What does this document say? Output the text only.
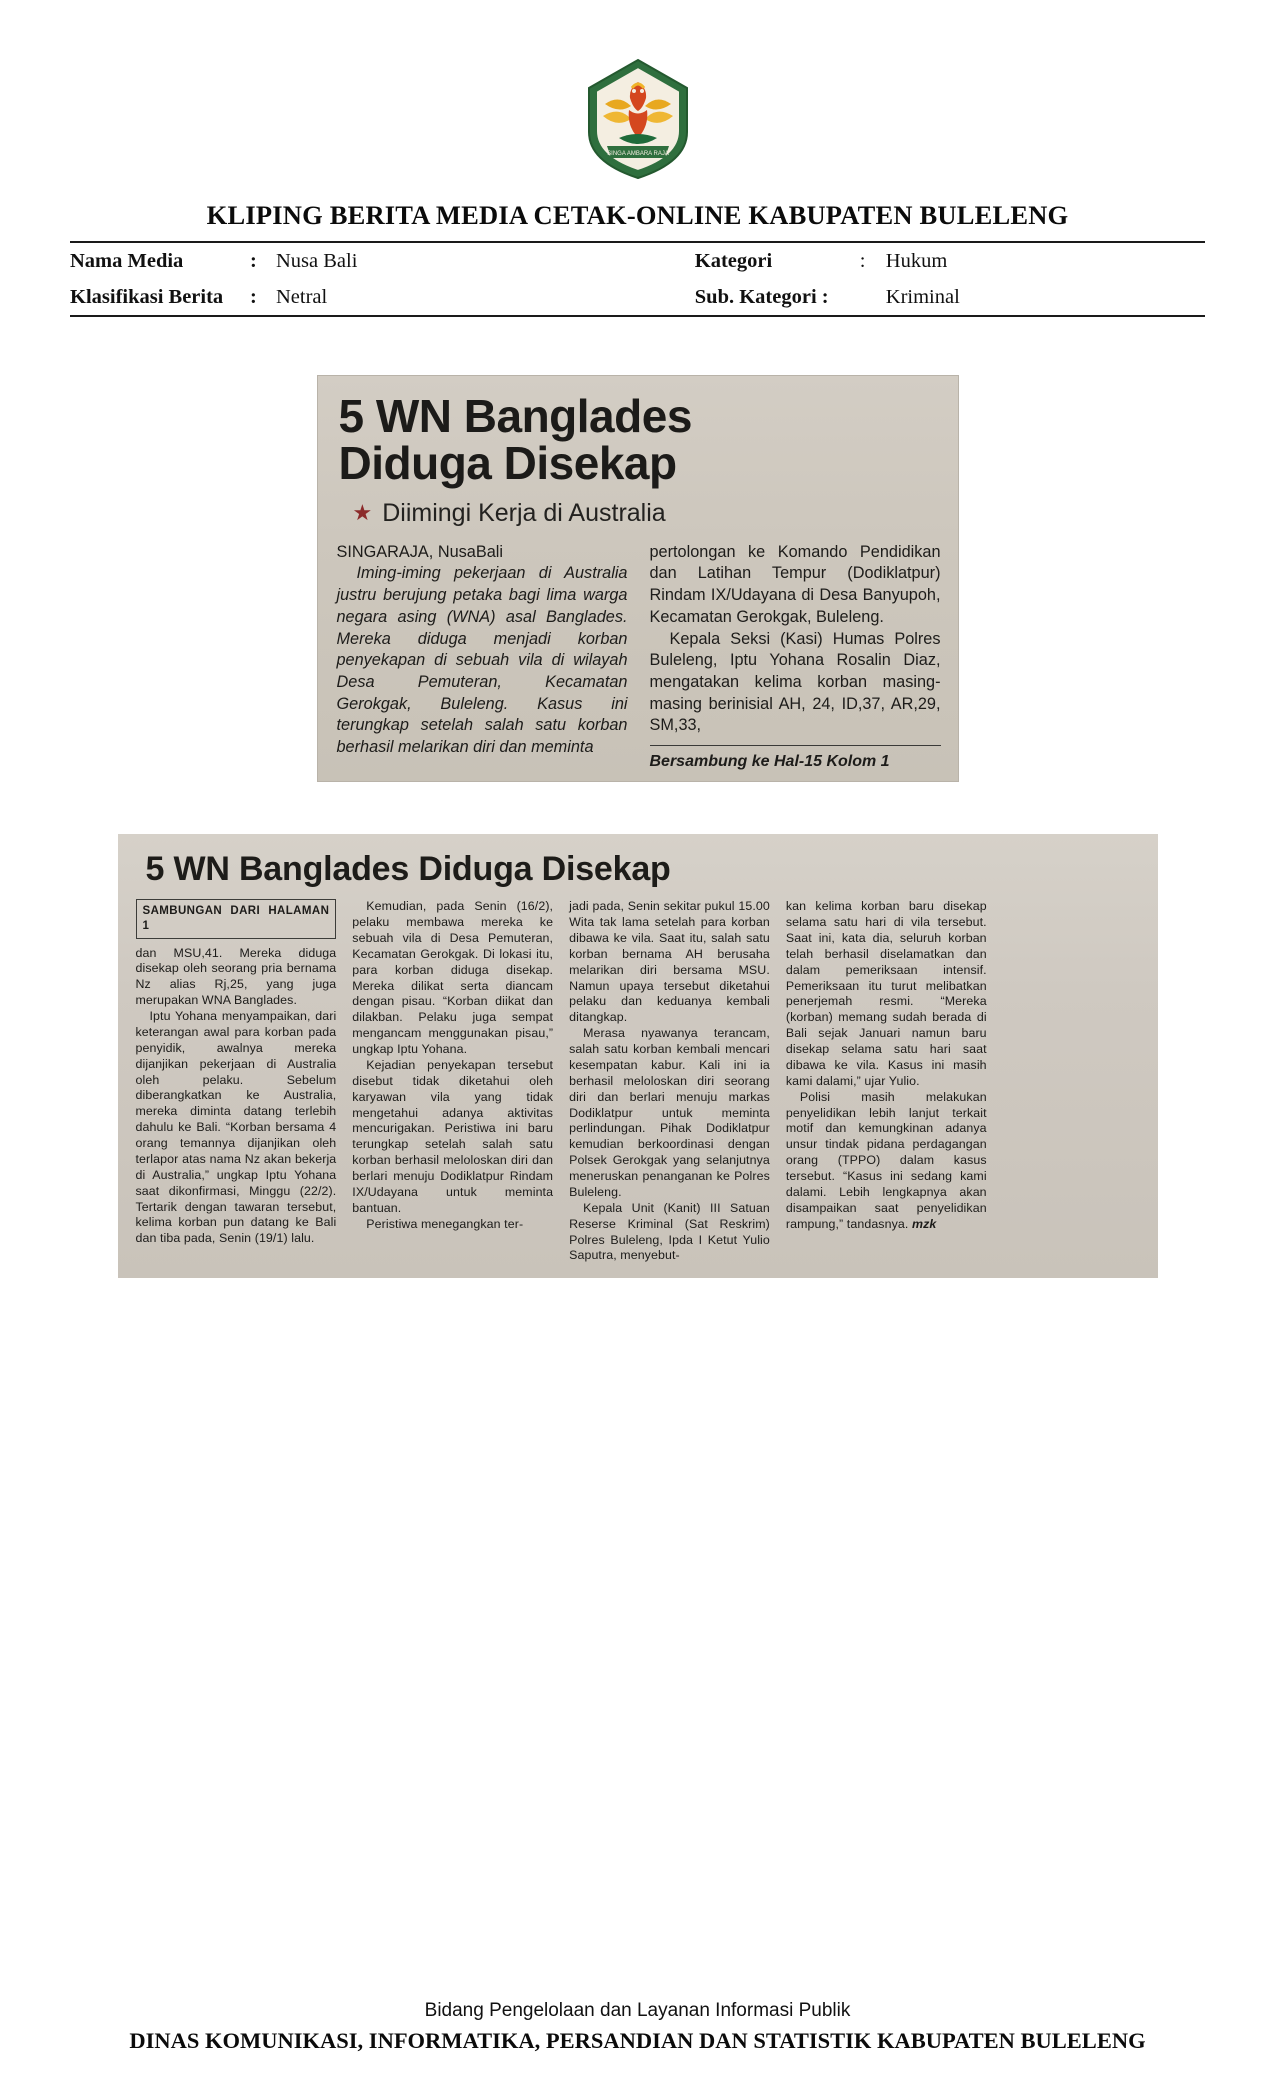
SINGA AMBARA RAJA
KLIPING BERITA MEDIA CETAK-ONLINE KABUPATEN BULELENG
Nama Media	:	Nusa Bali	Kategori	:	Hukum
Klasifikasi Berita	:	Netral	Sub. Kategori :		Kriminal
5 WN Banglades
Diduga Disekap
★ Diimingi Kerja di Australia

SINGARAJA, NusaBali

Iming-iming pekerjaan di Australia justru berujung petaka bagi lima warga negara asing (WNA) asal Banglades. Mereka diduga menjadi korban penyekapan di sebuah vila di wilayah Desa Pemuteran, Kecamatan Gerokgak, Buleleng. Kasus ini terungkap setelah salah satu korban berhasil melarikan diri dan meminta

pertolongan ke Komando Pendidikan dan Latihan Tempur (Dodiklatpur) Rindam IX/Udayana di Desa Banyupoh, Kecamatan Gerokgak, Buleleng.

Kepala Seksi (Kasi) Humas Polres Buleleng, Iptu Yohana Rosalin Diaz, mengatakan kelima korban masing-masing berinisial AH, 24, ID,37, AR,29, SM,33,

Bersambung ke Hal-15 Kolom 1
5 WN Banglades Diduga Disekap
SAMBUNGAN DARI HALAMAN 1

dan MSU,41. Mereka diduga disekap oleh seorang pria bernama Nz alias Rj,25, yang juga merupakan WNA Banglades.

Iptu Yohana menyampaikan, dari keterangan awal para korban pada penyidik, awalnya mereka dijanjikan pekerjaan di Australia oleh pelaku. Sebelum diberangkatkan ke Australia, mereka diminta datang terlebih dahulu ke Bali. “Korban bersama 4 orang temannya dijanjikan oleh terlapor atas nama Nz akan bekerja di Australia,” ungkap Iptu Yohana saat dikonfirmasi, Minggu (22/2). Tertarik dengan tawaran tersebut, kelima korban pun datang ke Bali dan tiba pada, Senin (19/1) lalu.

Kemudian, pada Senin (16/2), pelaku membawa mereka ke sebuah vila di Desa Pemuteran, Kecamatan Gerokgak. Di lokasi itu, para korban diduga disekap. Mereka dilikat serta diancam dengan pisau. “Korban diikat dan dilakban. Pelaku juga sempat mengancam menggunakan pisau,” ungkap Iptu Yohana.

Kejadian penyekapan tersebut disebut tidak diketahui oleh karyawan vila yang tidak mengetahui adanya aktivitas mencurigakan. Peristiwa ini baru terungkap setelah salah satu korban berhasil meloloskan diri dan berlari menuju Dodiklatpur Rindam IX/Udayana untuk meminta bantuan.

Peristiwa menegangkan ter-

jadi pada, Senin sekitar pukul 15.00 Wita tak lama setelah para korban dibawa ke vila. Saat itu, salah satu korban bernama AH berusaha melarikan diri bersama MSU. Namun upaya tersebut diketahui pelaku dan keduanya kembali ditangkap.

Merasa nyawanya terancam, salah satu korban kembali mencari kesempatan kabur. Kali ini ia berhasil meloloskan diri seorang diri dan berlari menuju markas Dodiklatpur untuk meminta perlindungan. Pihak Dodiklatpur kemudian berkoordinasi dengan Polsek Gerokgak yang selanjutnya meneruskan penanganan ke Polres Buleleng.

Kepala Unit (Kanit) III Satuan Reserse Kriminal (Sat Reskrim) Polres Buleleng, Ipda I Ketut Yulio Saputra, menyebut-

kan kelima korban baru disekap selama satu hari di vila tersebut. Saat ini, kata dia, seluruh korban telah berhasil diselamatkan dan dalam pemeriksaan intensif. Pemeriksaan itu turut melibatkan penerjemah resmi. “Mereka (korban) memang sudah berada di Bali sejak Januari namun baru disekap selama satu hari saat dibawa ke vila. Kasus ini masih kami dalami,” ujar Yulio.

Polisi masih melakukan penyelidikan lebih lanjut terkait motif dan kemungkinan adanya unsur tindak pidana perdagangan orang (TPPO) dalam kasus tersebut. “Kasus ini sedang kami dalami. Lebih lengkapnya akan disampaikan saat penyelidikan rampung,” tandasnya. mzk

Bidang Pengelolaan dan Layanan Informasi Publik
DINAS KOMUNIKASI, INFORMATIKA, PERSANDIAN DAN STATISTIK KABUPATEN BULELENG
